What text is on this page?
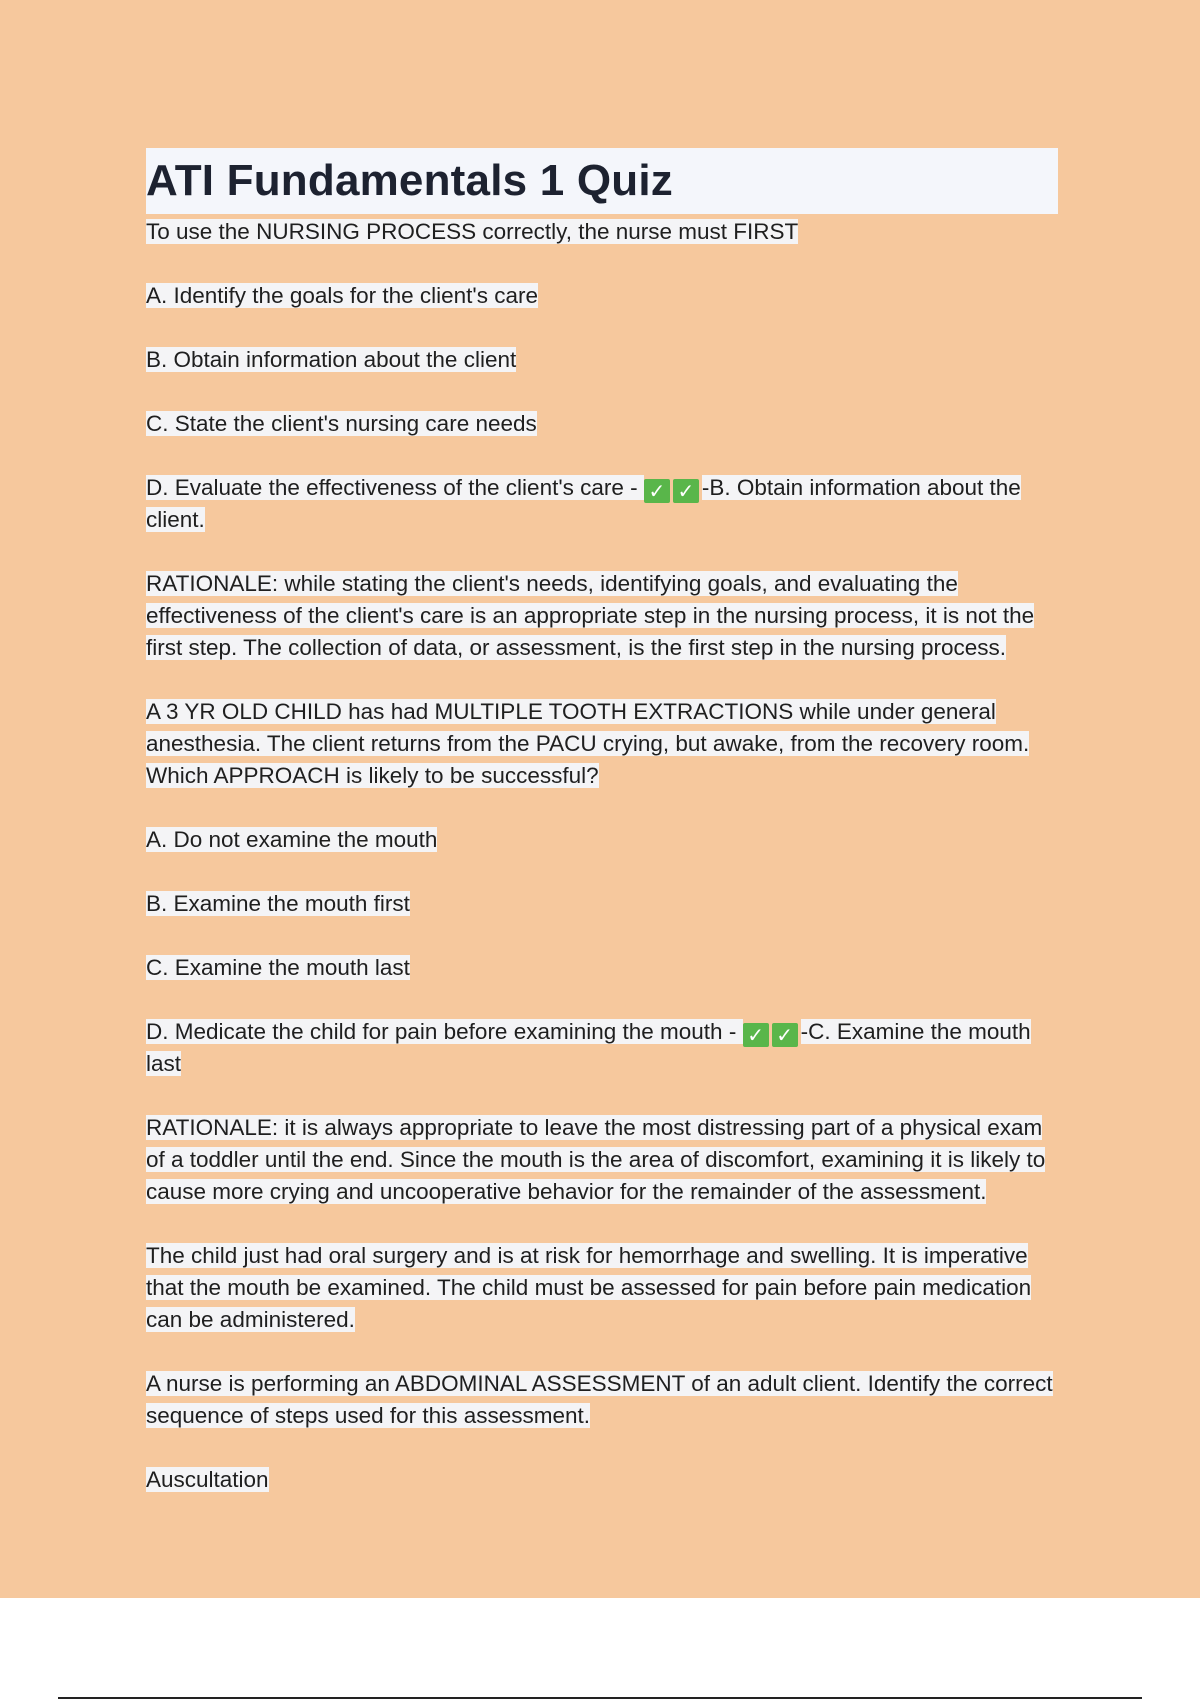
ATI Fundamentals 1 Quiz

To use the NURSING PROCESS correctly, the nurse must FIRST

A. Identify the goals for the client's care

B. Obtain information about the client

C. State the client's nursing care needs

D. Evaluate the effectiveness of the client's care - ✓ ✓ -B. Obtain information about the client.

RATIONALE: while stating the client's needs, identifying goals, and evaluating the effectiveness of the client's care is an appropriate step in the nursing process, it is not the first step. The collection of data, or assessment, is the first step in the nursing process.

A 3 YR OLD CHILD has had MULTIPLE TOOTH EXTRACTIONS while under general anesthesia. The client returns from the PACU crying, but awake, from the recovery room. Which APPROACH is likely to be successful?

A. Do not examine the mouth

B. Examine the mouth first

C. Examine the mouth last

D. Medicate the child for pain before examining the mouth - ✓ ✓ -C. Examine the mouth last

RATIONALE: it is always appropriate to leave the most distressing part of a physical exam of a toddler until the end. Since the mouth is the area of discomfort, examining it is likely to cause more crying and uncooperative behavior for the remainder of the assessment.

The child just had oral surgery and is at risk for hemorrhage and swelling. It is imperative that the mouth be examined. The child must be assessed for pain before pain medication can be administered.

A nurse is performing an ABDOMINAL ASSESSMENT of an adult client. Identify the correct sequence of steps used for this assessment.

Auscultation
